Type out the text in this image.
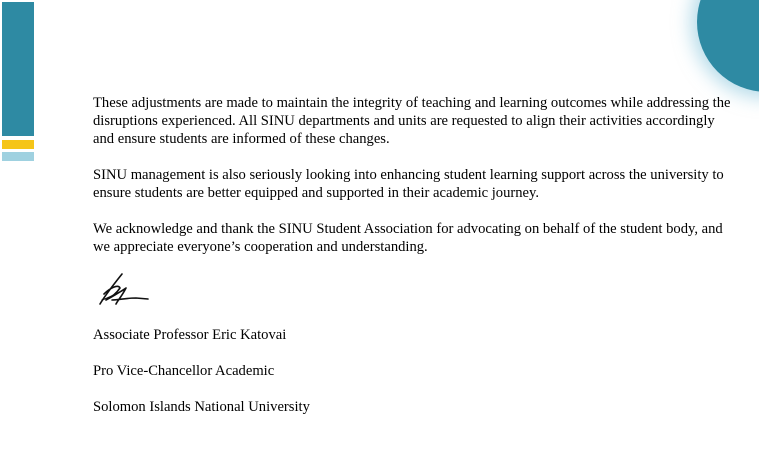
These adjustments are made to maintain the integrity of teaching and learning outcomes while addressing the disruptions experienced. All SINU departments and units are requested to align their activities accordingly and ensure students are informed of these changes.

SINU management is also seriously looking into enhancing student learning support across the university to ensure students are better equipped and supported in their academic journey.

We acknowledge and thank the SINU Student Association for advocating on behalf of the student body, and we appreciate everyone’s cooperation and understanding.

Associate Professor Eric Katovai
Pro Vice-Chancellor Academic
Solomon Islands National University
